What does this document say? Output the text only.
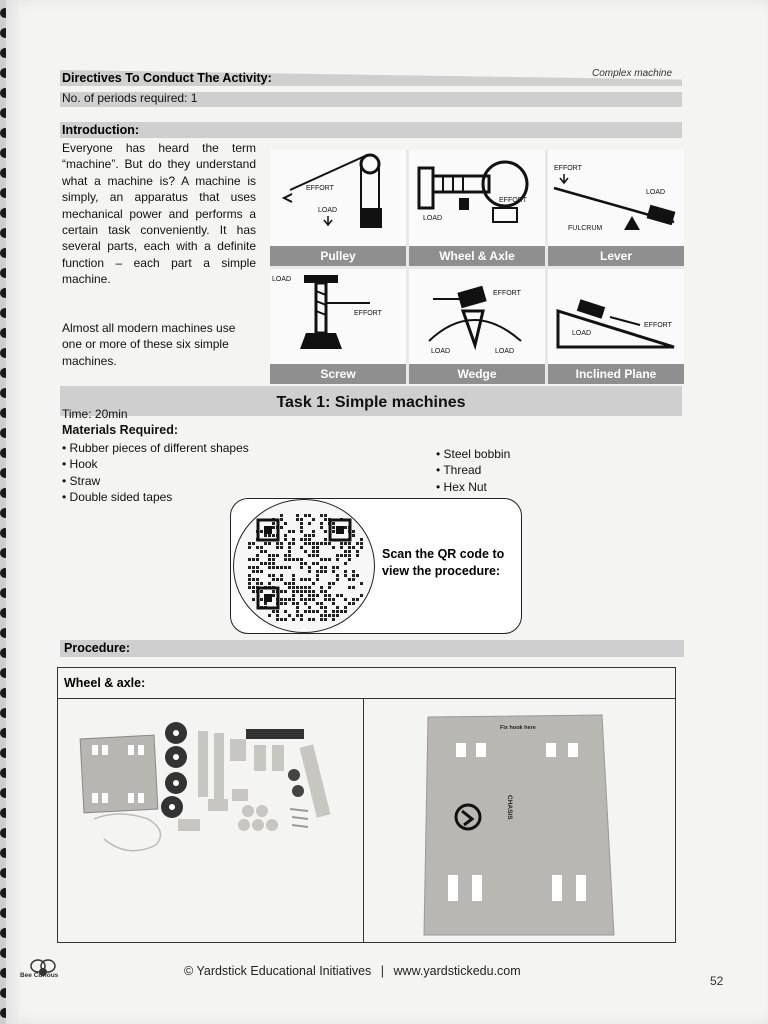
Complex machine
Directives To Conduct The Activity:
No. of periods required: 1
Introduction:
Everyone has heard the term “machine”. But do they understand what a machine is? A machine is simply, an apparatus that uses mechanical power and performs a certain task conveniently. It has several parts, each with a definite function – each part a simple machine.
Almost all modern machines use one or more of these six simple machines.
EFFORT
LOAD
Pulley
LOAD
EFFORT
Wheel & Axle
EFFORT
LOAD
FULCRUM
Lever
LOAD
EFFORT
Screw
EFFORT
LOAD	LOAD
Wedge
EFFORT
LOAD
Inclined Plane
Task 1: Simple machines
Time: 20min
Materials Required:
• Rubber pieces of different shapes
• Hook
• Straw
• Double sided tapes
• Steel bobbin
• Thread
• Hex Nut
Scan the QR code to view the procedure:
Procedure:
Wheel & axle:
Fix hook here
CHASIS
Bee Curious	© Yardstick Educational Initiatives | www.yardstickedu.com
52
